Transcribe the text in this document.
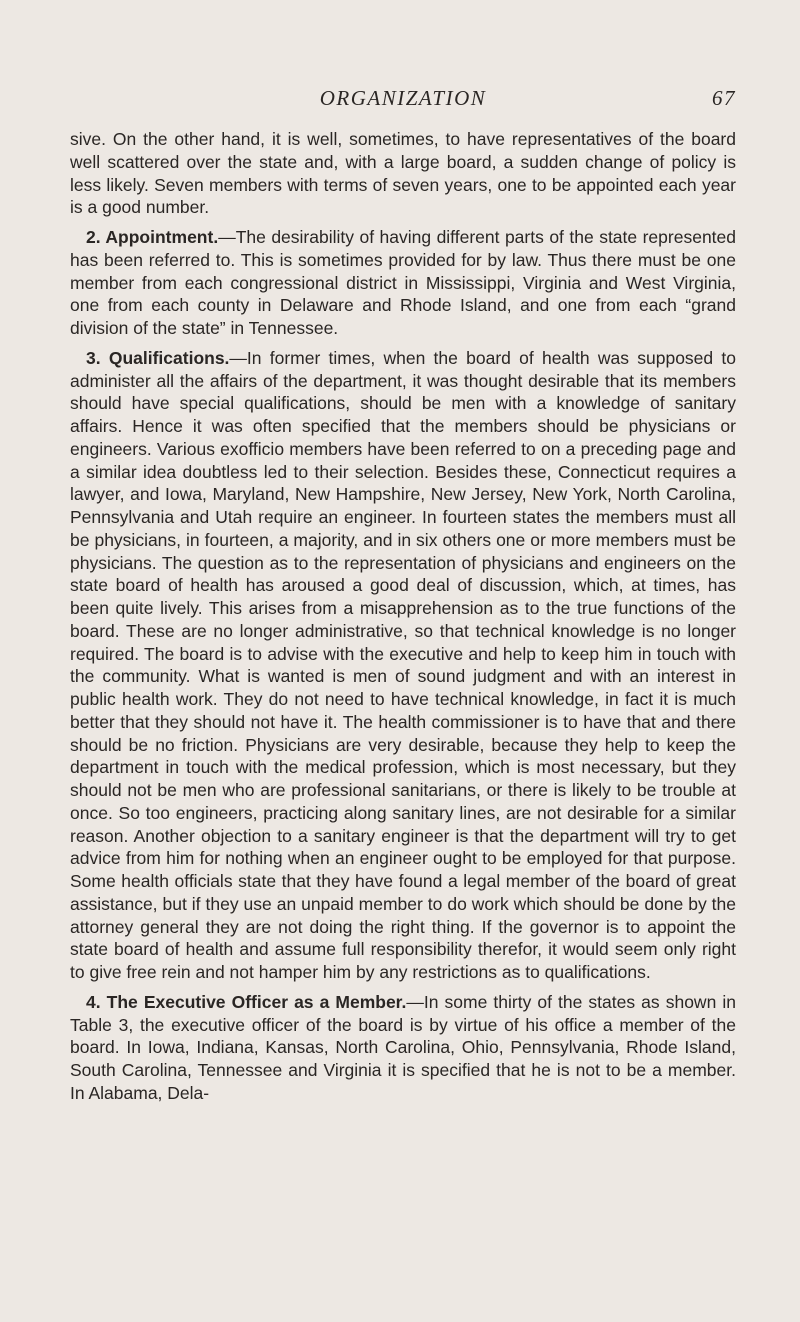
ORGANIZATION	67

sive. On the other hand, it is well, sometimes, to have representatives of the board well scattered over the state and, with a large board, a sudden change of policy is less likely. Seven members with terms of seven years, one to be appointed each year is a good number.

2. Appointment.—The desirability of having different parts of the state represented has been referred to. This is sometimes provided for by law. Thus there must be one member from each congressional district in Mississippi, Virginia and West Virginia, one from each county in Delaware and Rhode Island, and one from each “grand division of the state” in Tennessee.

3. Qualifications.—In former times, when the board of health was supposed to administer all the affairs of the department, it was thought desirable that its members should have special qualifications, should be men with a knowledge of sanitary affairs. Hence it was often specified that the members should be physicians or engineers. Various exofficio members have been referred to on a preceding page and a similar idea doubtless led to their selection. Besides these, Connecticut requires a lawyer, and Iowa, Maryland, New Hampshire, New Jersey, New York, North Carolina, Pennsylvania and Utah require an engineer. In fourteen states the members must all be physicians, in fourteen, a majority, and in six others one or more members must be physicians. The question as to the representation of physicians and engineers on the state board of health has aroused a good deal of discussion, which, at times, has been quite lively. This arises from a misapprehension as to the true functions of the board. These are no longer administrative, so that technical knowledge is no longer required. The board is to advise with the executive and help to keep him in touch with the community. What is wanted is men of sound judgment and with an interest in public health work. They do not need to have technical knowledge, in fact it is much better that they should not have it. The health commissioner is to have that and there should be no friction. Physicians are very desirable, because they help to keep the department in touch with the medical profession, which is most necessary, but they should not be men who are professional sanitarians, or there is likely to be trouble at once. So too engineers, practicing along sanitary lines, are not desirable for a similar reason. Another objection to a sanitary engineer is that the department will try to get advice from him for nothing when an engineer ought to be employed for that purpose. Some health officials state that they have found a legal member of the board of great assistance, but if they use an unpaid member to do work which should be done by the attorney general they are not doing the right thing. If the governor is to appoint the state board of health and assume full responsibility therefor, it would seem only right to give free rein and not hamper him by any restrictions as to qualifications.

4. The Executive Officer as a Member.—In some thirty of the states as shown in Table 3, the executive officer of the board is by virtue of his office a member of the board. In Iowa, Indiana, Kansas, North Carolina, Ohio, Pennsylvania, Rhode Island, South Carolina, Tennessee and Virginia it is specified that he is not to be a member. In Alabama, Dela-
